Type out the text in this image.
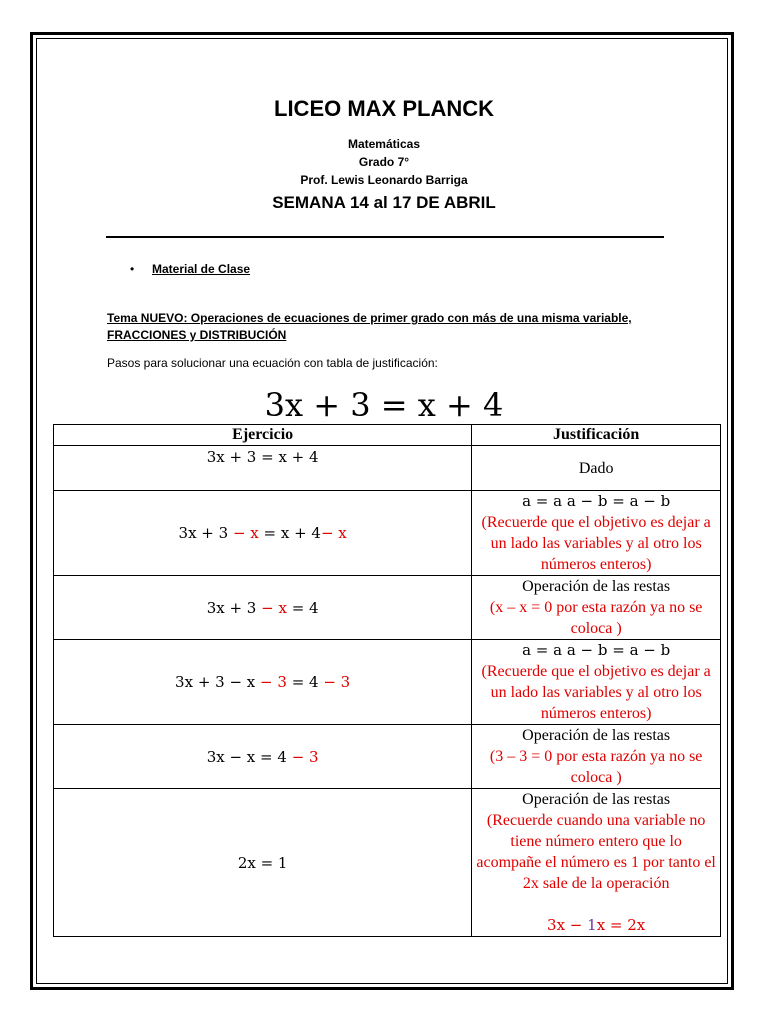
LICEO MAX PLANCK
Matemáticas
Grado 7°
Prof. Lewis Leonardo Barriga
SEMANA 14 al 17 DE ABRIL
• Material de Clase
Tema NUEVO: Operaciones de ecuaciones de primer grado con más de una misma variable, FRACCIONES y DISTRIBUCIÓN
Pasos para solucionar una ecuación con tabla de justificación:
3x + 3 = x + 4
Ejercicio	Justificación
3x + 3 = x + 4	Dado
3x + 3 − x = x + 4− x	a = a a − b = a − b
(Recuerde que el objetivo es dejar a un lado las variables y al otro los números enteros)

3x + 3 − x = 4	Operación de las restas
(x – x = 0 por esta razón ya no se coloca )

3x + 3 − x − 3 = 4 − 3	a = a a − b = a − b
(Recuerde que el objetivo es dejar a un lado las variables y al otro los números enteros)

3x − x = 4 − 3	Operación de las restas
(3 – 3 = 0 por esta razón ya no se coloca )

2x = 1	Operación de las restas
(Recuerde cuando una variable no tiene número entero que lo acompañe el número es 1 por tanto el 2x sale de la operación
3x − 1x = 2x
